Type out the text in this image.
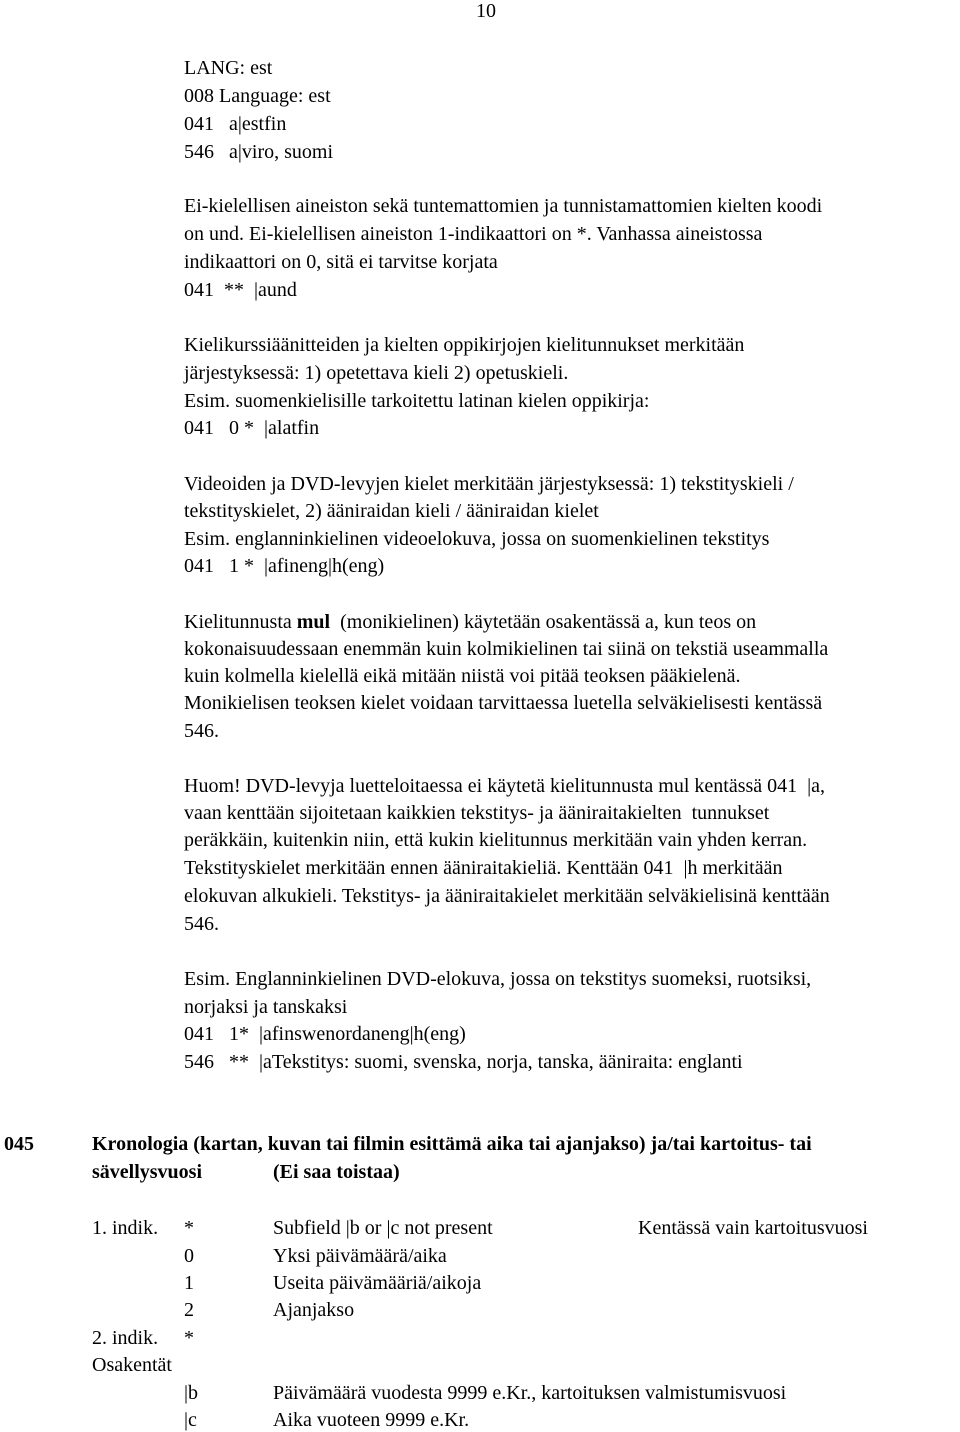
10
LANG: est
008 Language: est
041   a|estfin
546   a|viro, suomi
Ei-kielellisen aineiston sekä tuntemattomien ja tunnistamattomien kielten koodi
on und. Ei-kielellisen aineiston 1-indikaattori on *. Vanhassa aineistossa
indikaattori on 0, sitä ei tarvitse korjata
041  **  |aund
Kielikurssiäänitteiden ja kielten oppikirjojen kielitunnukset merkitään
järjestyksessä: 1) opetettava kieli 2) opetuskieli.
Esim. suomenkielisille tarkoitettu latinan kielen oppikirja:
041   0 *  |alatfin
Videoiden ja DVD-levyjen kielet merkitään järjestyksessä: 1) tekstityskieli /
tekstityskielet, 2) ääniraidan kieli / ääniraidan kielet
Esim. englanninkielinen videoelokuva, jossa on suomenkielinen tekstitys
041   1 *  |afineng|h(eng)
Kielitunnusta mul  (monikielinen) käytetään osakentässä a, kun teos on
kokonaisuudessaan enemmän kuin kolmikielinen tai siinä on tekstiä useammalla
kuin kolmella kielellä eikä mitään niistä voi pitää teoksen pääkielenä.
Monikielisen teoksen kielet voidaan tarvittaessa luetella selväkielisesti kentässä
546.
Huom! DVD-levyja luetteloitaessa ei käytetä kielitunnusta mul kentässä 041  |a,
vaan kenttään sijoitetaan kaikkien tekstitys- ja ääniraitakielten  tunnukset
peräkkäin, kuitenkin niin, että kukin kielitunnus merkitään vain yhden kerran.
Tekstityskielet merkitään ennen ääniraitakieliä. Kenttään 041  |h merkitään
elokuvan alkukieli. Tekstitys- ja ääniraitakielet merkitään selväkielisinä kenttään
546.
Esim. Englanninkielinen DVD-elokuva, jossa on tekstitys suomeksi, ruotsiksi,
norjaksi ja tanskaksi
041   1*  |afinswenordaneng|h(eng)
546   **  |aTekstitys: suomi, svenska, norja, tanska, ääniraita: englanti
045	Kronologia (kartan, kuvan tai filmin esittämä aika tai ajanjakso) ja/tai kartoitus- tai
sävellysvuosi	(Ei saa toistaa)
1. indik. *	Subfield |b or |c not present	Kentässä vain kartoitusvuosi
0	Yksi päivämäärä/aika
1	Useita päivämääriä/aikoja
2	Ajanjakso
2. indik. *
Osakentät
|b	Päivämäärä vuodesta 9999 e.Kr., kartoituksen valmistumisvuosi
|c	Aika vuoteen 9999 e.Kr.
